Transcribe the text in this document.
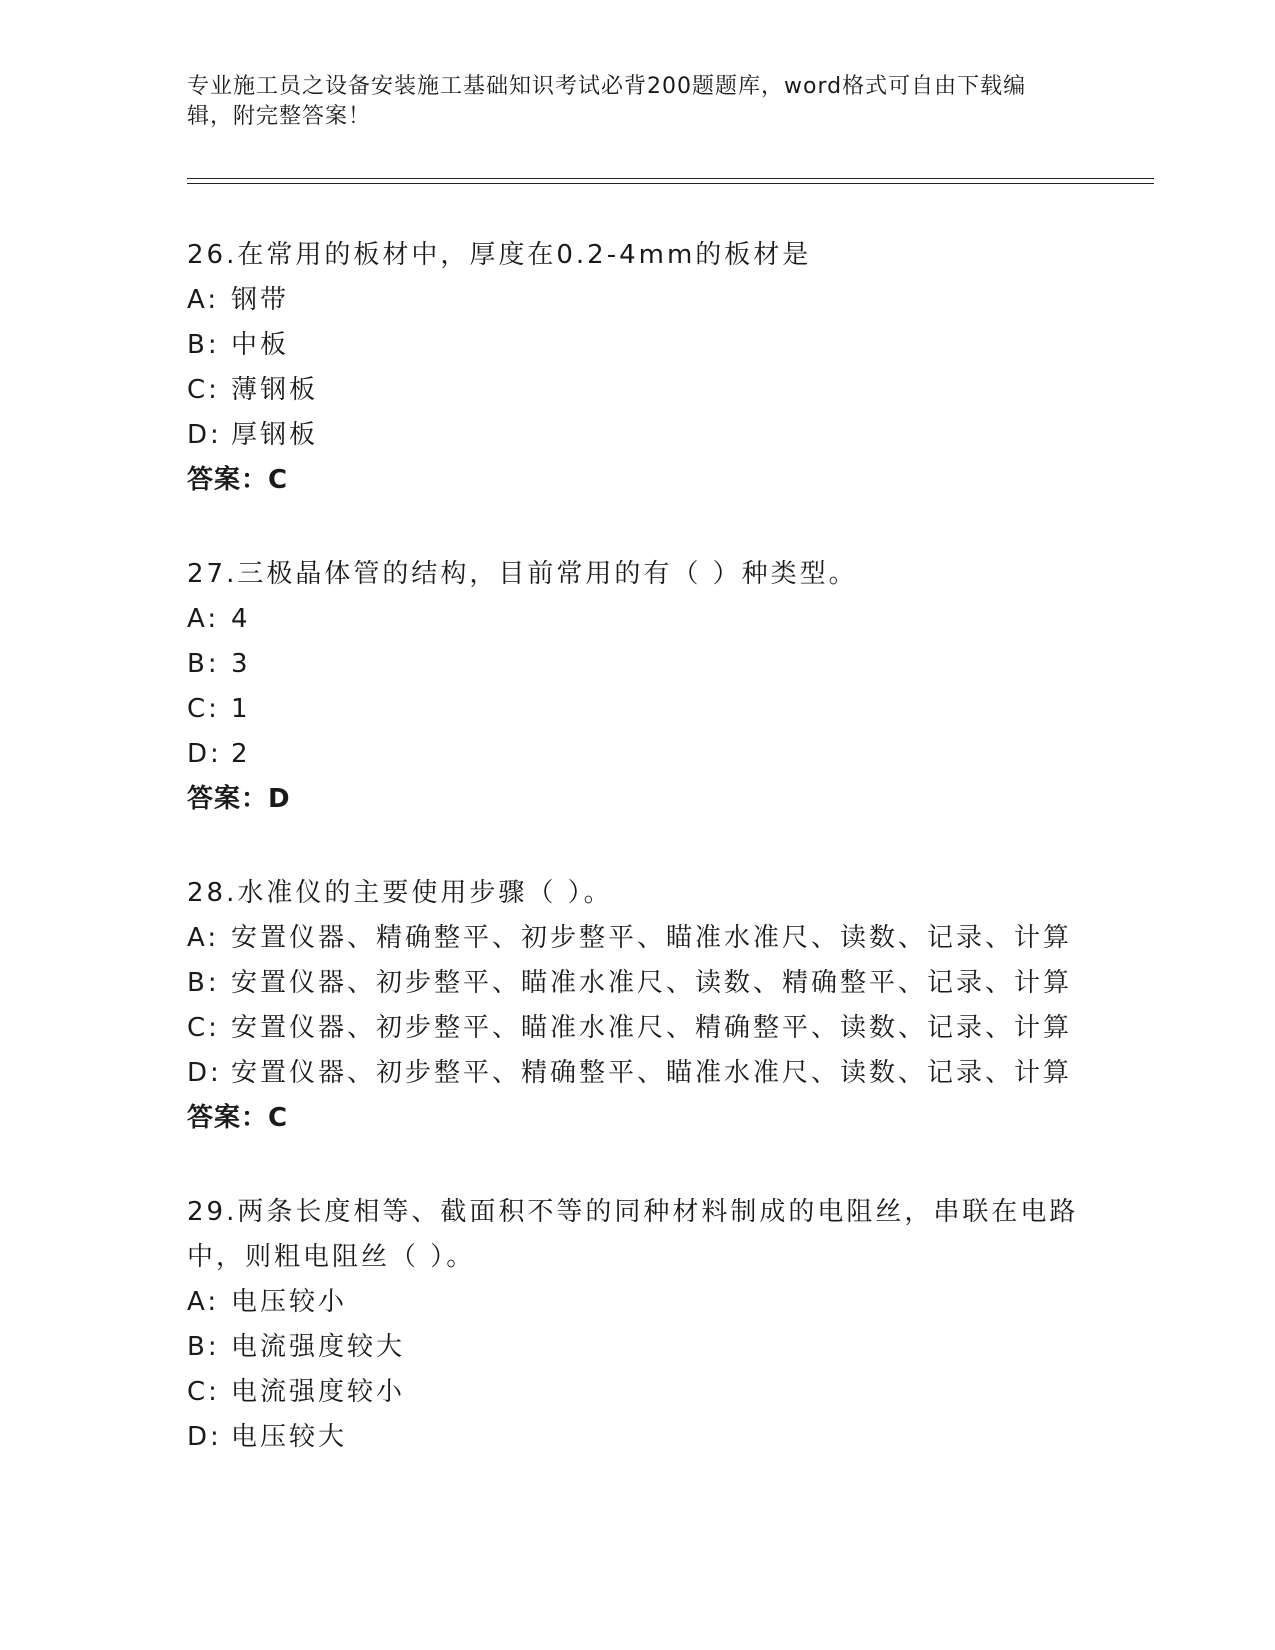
专业施工员之设备安装施工基础知识考试必背200题题库，word格式可自由下载编辑，附完整答案！
26.在常用的板材中，厚度在0.2-4mm的板材是
A: 钢带
B: 中板
C: 薄钢板
D: 厚钢板
答案：C
27.三极晶体管的结构，目前常用的有（ ）种类型。
A: 4
B: 3
C: 1
D: 2
答案：D
28.水准仪的主要使用步骤（ ）。
A: 安置仪器、精确整平、初步整平、瞄准水准尺、读数、记录、计算
B: 安置仪器、初步整平、瞄准水准尺、读数、精确整平、记录、计算
C: 安置仪器、初步整平、瞄准水准尺、精确整平、读数、记录、计算
D: 安置仪器、初步整平、精确整平、瞄准水准尺、读数、记录、计算
答案：C
29.两条长度相等、截面积不等的同种材料制成的电阻丝，串联在电路中，则粗电阻丝（ ）。
A: 电压较小
B: 电流强度较大
C: 电流强度较小
D: 电压较大
